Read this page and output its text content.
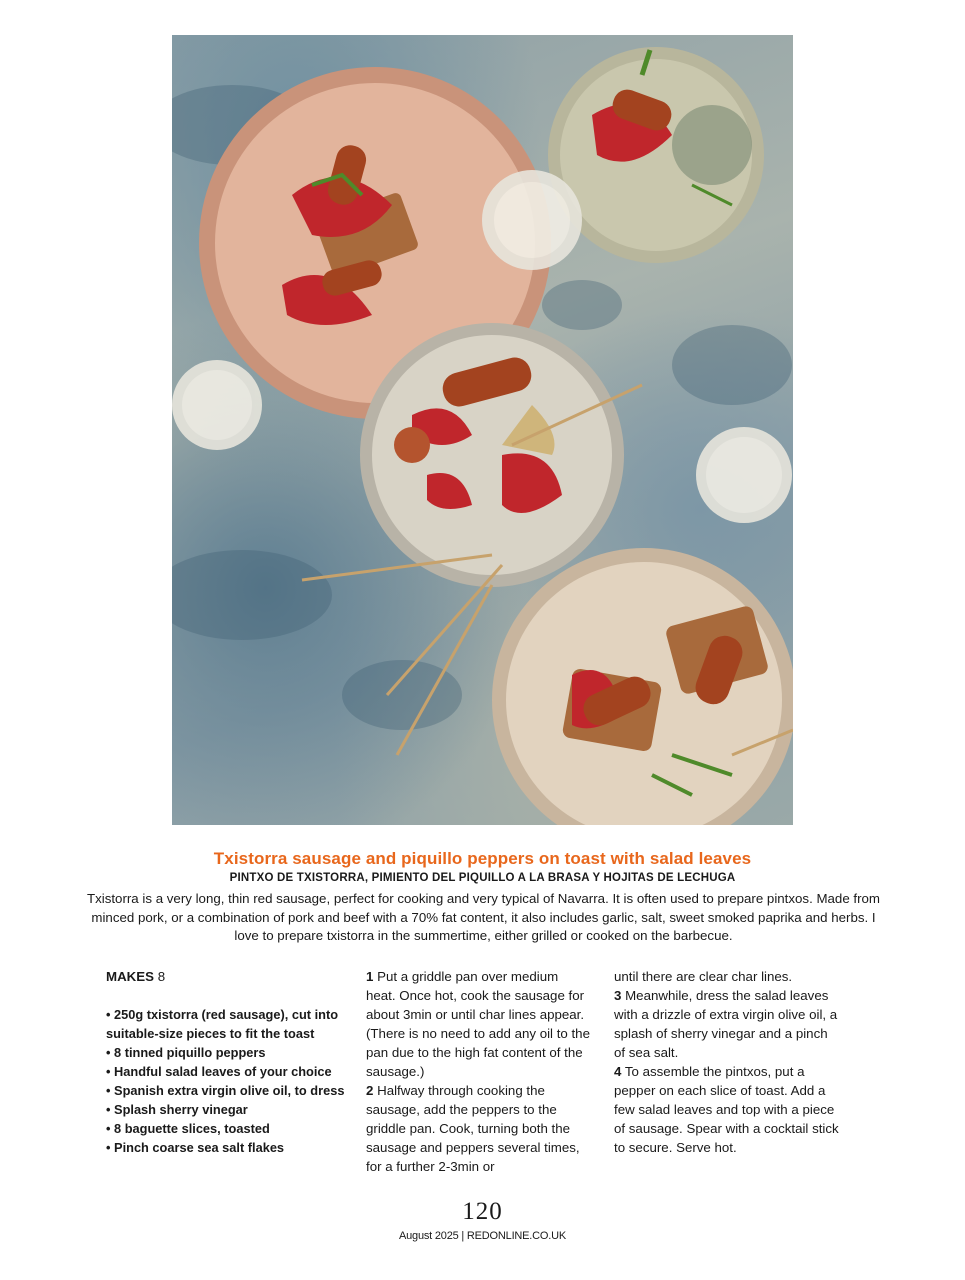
Txistorra sausage and piquillo peppers on toast with salad leaves
PINTXO DE TXISTORRA, PIMIENTO DEL PIQUILLO A LA BRASA Y HOJITAS DE LECHUGA
Txistorra is a very long, thin red sausage, perfect for cooking and very typical of Navarra. It is often used to prepare pintxos. Made from minced pork, or a combination of pork and beef with a 70% fat content, it also includes garlic, salt, sweet smoked paprika and herbs. I love to prepare txistorra in the summertime, either grilled or cooked on the barbecue.
MAKES 8
• 250g txistorra (red sausage), cut into suitable-size pieces to fit the toast
• 8 tinned piquillo peppers
• Handful salad leaves of your choice
• Spanish extra virgin olive oil, to dress
• Splash sherry vinegar
• 8 baguette slices, toasted
• Pinch coarse sea salt flakes

1 Put a griddle pan over medium heat. Once hot, cook the sausage for about 3min or until char lines appear. (There is no need to add any oil to the pan due to the high fat content of the sausage.)

2 Halfway through cooking the sausage, add the peppers to the griddle pan. Cook, turning both the sausage and peppers several times, for a further 2-3min or

until there are clear char lines.

3 Meanwhile, dress the salad leaves with a drizzle of extra virgin olive oil, a splash of sherry vinegar and a pinch of sea salt.

4 To assemble the pintxos, put a pepper on each slice of toast. Add a few salad leaves and top with a piece of sausage. Spear with a cocktail stick to secure. Serve hot.

120
August 2025 | REDONLINE.CO.UK
